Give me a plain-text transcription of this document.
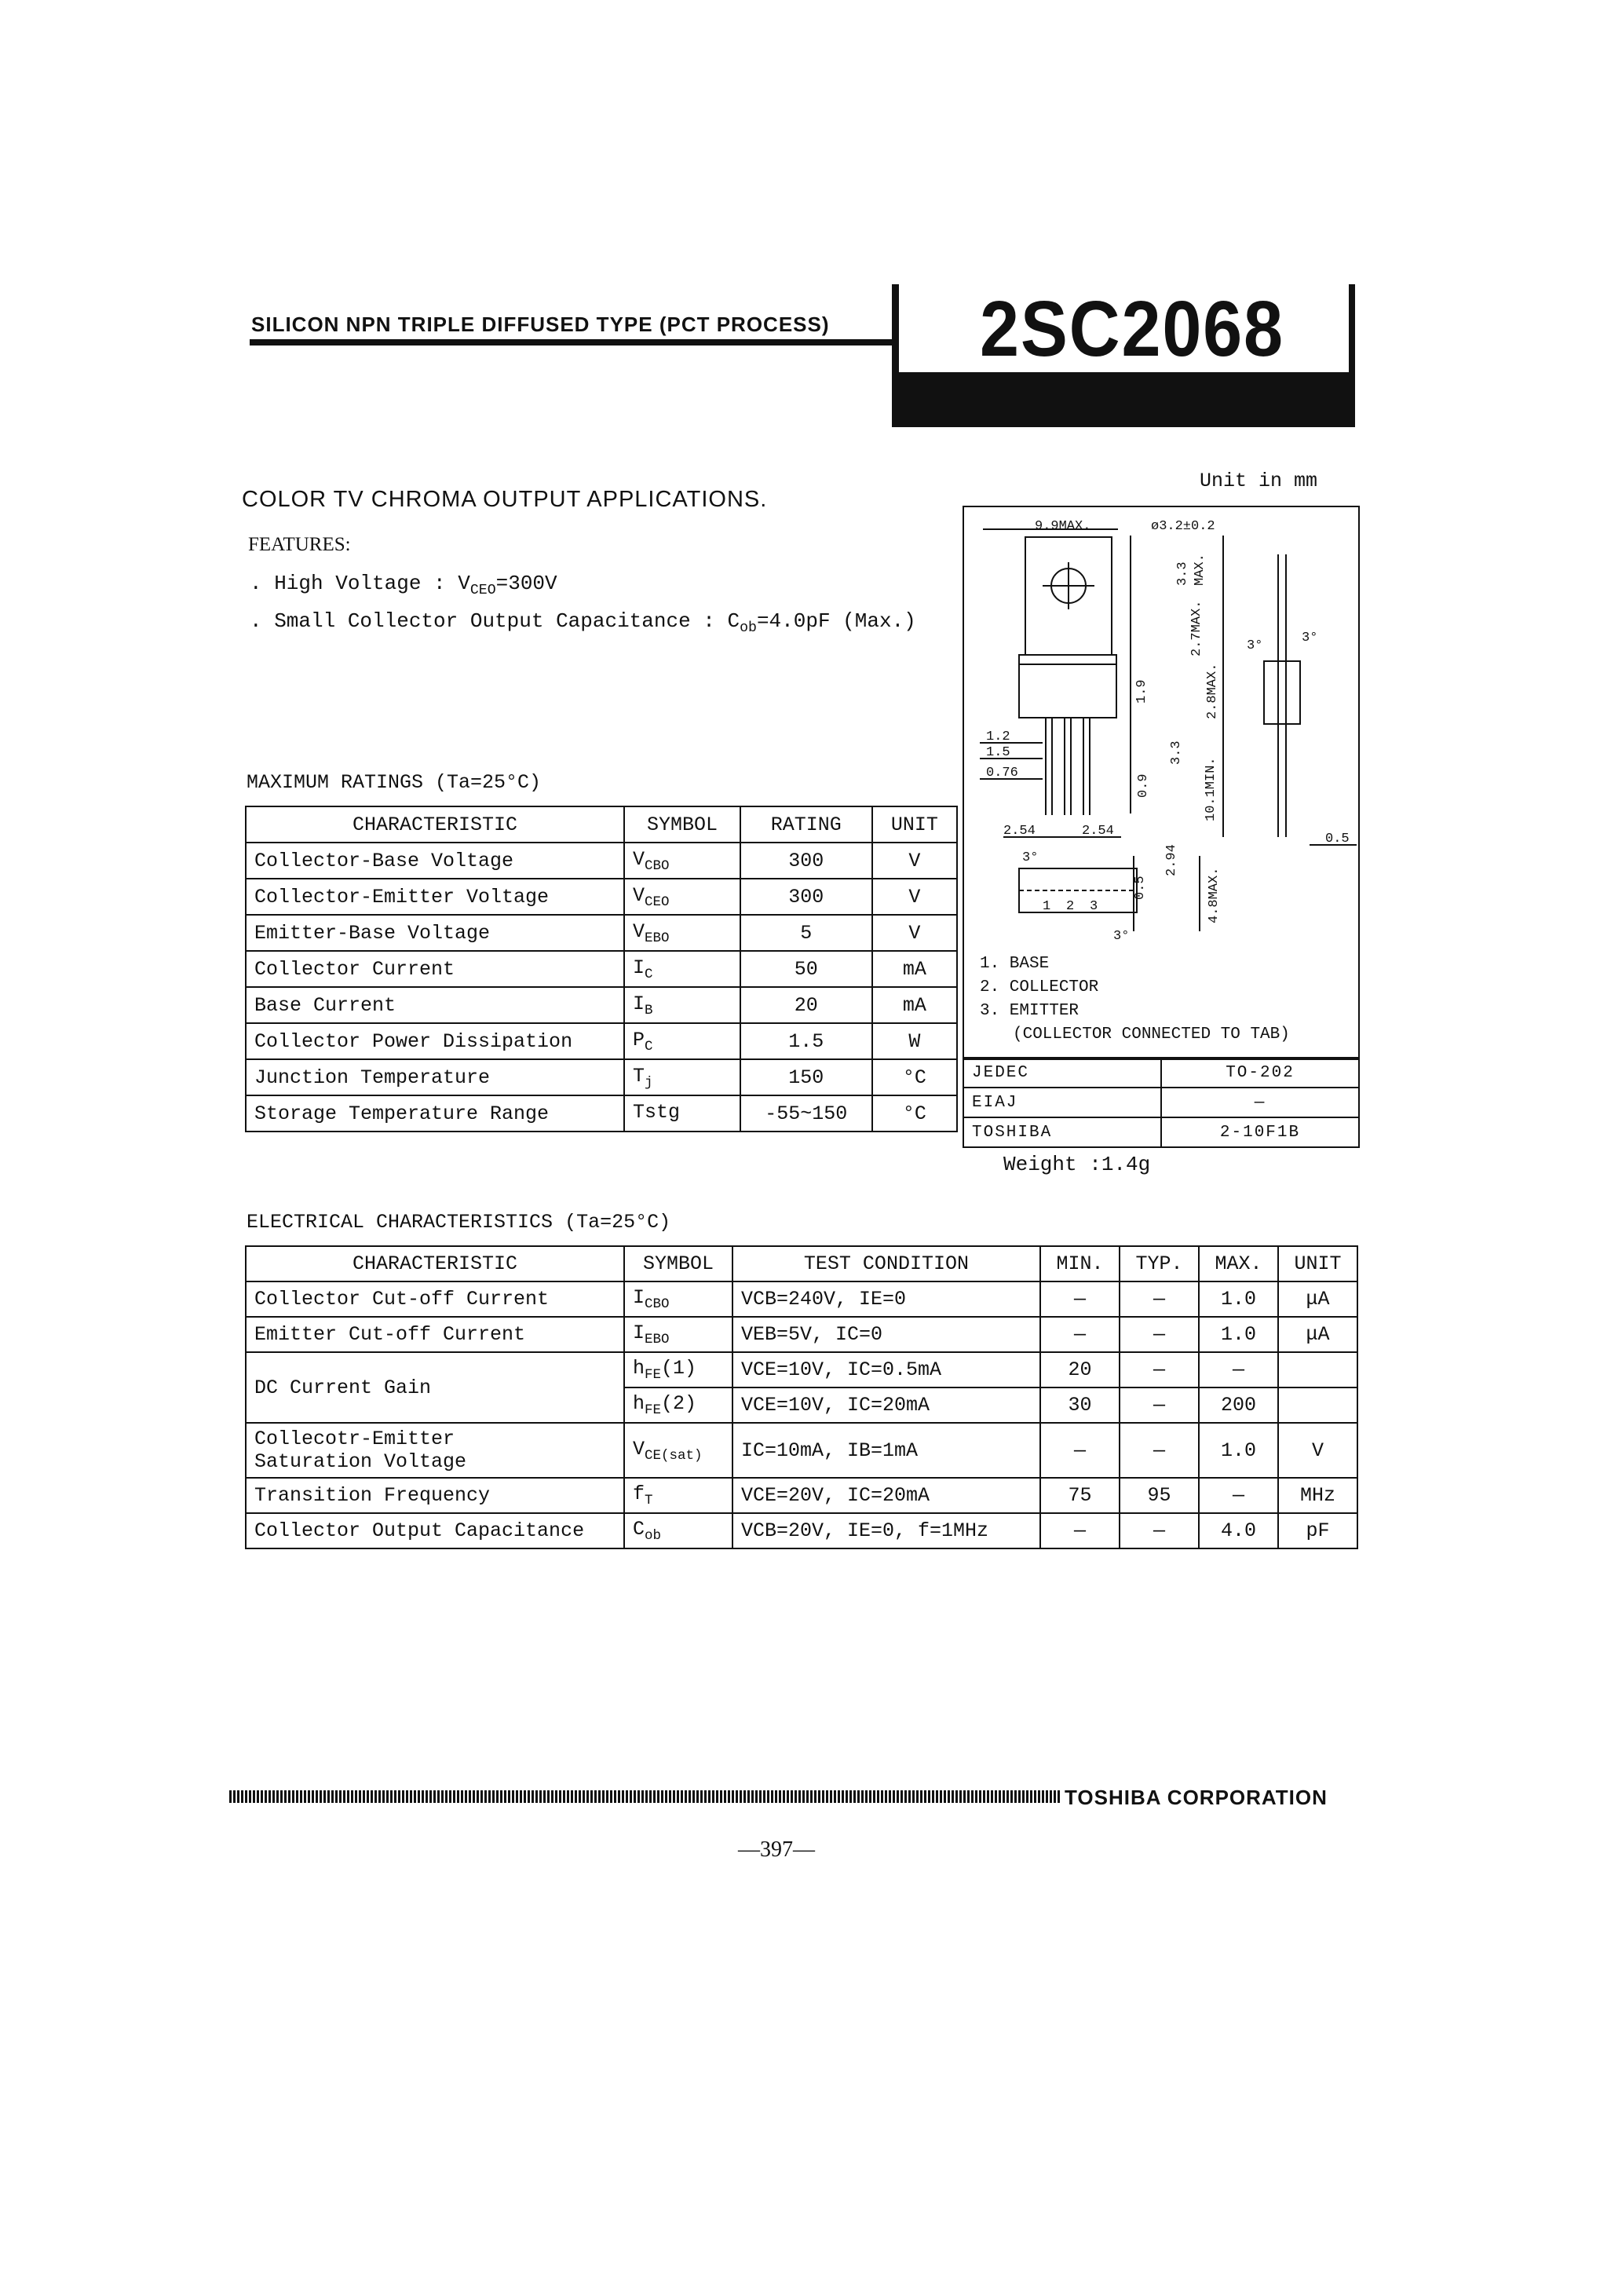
SILICON NPN TRIPLE DIFFUSED TYPE (PCT PROCESS) 2SC2068
Unit in mm
COLOR TV CHROMA OUTPUT APPLICATIONS.
FEATURES:
. High Voltage : $V_{CEO}=300V$
. Small Collector Output Capacitance : $C_{ob}=4.0pF$ (Max.)
MAXIMUM RATINGS (Ta=25°C)
CHARACTERISTIC	SYMBOL	RATING	UNIT
Collector-Base Voltage	$V_{CBO}$	300	V
Collector-Emitter Voltage	$V_{CEO}$	300	V
Emitter-Base Voltage	$V_{EBO}$	5	V
Collector Current	$I_C$	50	mA
Base Current	$I_B$	20	mA
Collector Power Dissipation	$P_C$	1.5	W
Junction Temperature	$T_j$	150	°C
Storage Temperature Range	Tstg	-55~150	°C
9.9MAX.	ø3.2±0.2
3.3 MAX.
2.7MAX.
2.8MAX.
1.9
10.1MIN.
1.2
1.5
0.76
3.3
0.9
2.54	2.54
0.5
2.94
0.5
4.8MAX.
3°
3°
3°
3°
1 2 3
1. BASE
2. COLLECTOR
3. EMITTER
(COLLECTOR CONNECTED TO TAB)
JEDEC	TO-202
EIAJ	—
TOSHIBA	2-10F1B
Weight :1.4g
ELECTRICAL CHARACTERISTICS (Ta=25°C)
CHARACTERISTIC	SYMBOL	TEST CONDITION	MIN.	TYP.	MAX.	UNIT
Collector Cut-off Current	$I_{CBO}$	VCB=240V, IE=0	—	—	1.0	μA
Emitter Cut-off Current	$I_{EBO}$	VEB=5V, IC=0	—	—	1.0	μA
DC Current Gain	$h_{FE}(1)$	VCE=10V, IC=0.5mA	20	—	—	
	$h_{FE}(2)$	VCE=10V, IC=20mA	30	—	200	

Collecotr-Emitter
Saturation Voltage	$V_{CE(sat)}$	IC=10mA, IB=1mA	—	—	1.0	V
Transition Frequency	$f_T$	VCE=20V, IC=20mA	75	95	—	MHz
Collector Output Capacitance	$C_{ob}$	VCB=20V, IE=0, f=1MHz	—	—	4.0	pF
TOSHIBA CORPORATION
—397—
